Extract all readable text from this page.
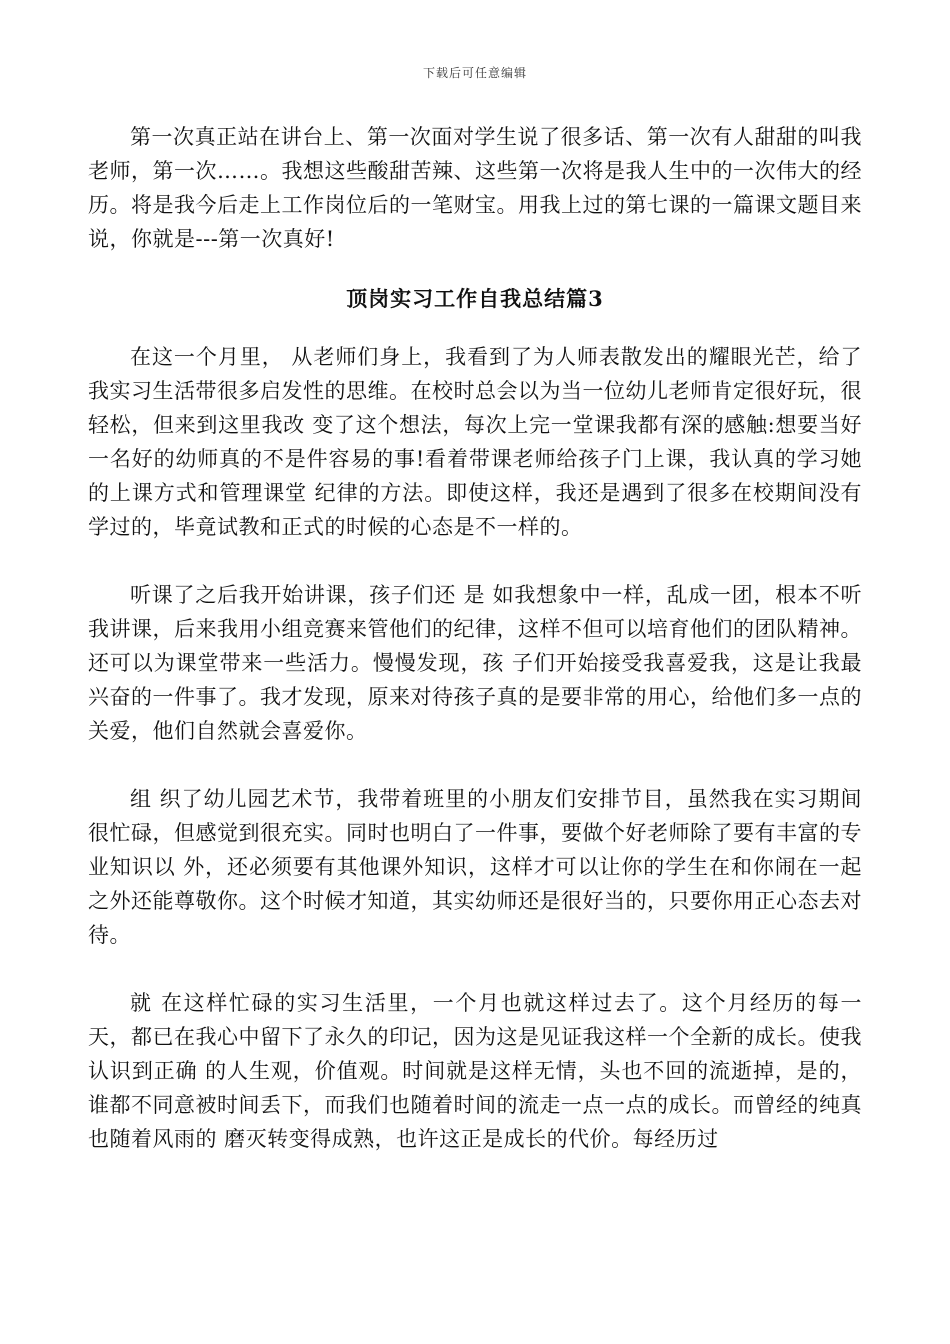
下载后可任意编辑

第一次真正站在讲台上、第一次面对学生说了很多话、第一次有人甜甜的叫我老师，第一次……。我想这些酸甜苦辣、这些第一次将是我人生中的一次伟大的经历。将是我今后走上工作岗位后的一笔财宝。用我上过的第七课的一篇课文题目来说，你就是---第一次真好!

顶岗实习工作自我总结篇3

在这一个月里， 从老师们身上，我看到了为人师表散发出的耀眼光芒，给了我实习生活带很多启发性的思维。在校时总会以为当一位幼儿老师肯定很好玩，很轻松，但来到这里我改 变了这个想法，每次上完一堂课我都有深的感触:想要当好一名好的幼师真的不是件容易的事!看着带课老师给孩子门上课，我认真的学习她的上课方式和管理课堂 纪律的方法。即使这样，我还是遇到了很多在校期间没有学过的，毕竟试教和正式的时候的心态是不一样的。

听课了之后我开始讲课，孩子们还 是 如我想象中一样，乱成一团，根本不听我讲课，后来我用小组竞赛来管他们的纪律，这样不但可以培育他们的团队精神。还可以为课堂带来一些活力。慢慢发现，孩 子们开始接受我喜爱我，这是让我最兴奋的一件事了。我才发现，原来对待孩子真的是要非常的用心，给他们多一点的关爱，他们自然就会喜爱你。

组 织了幼儿园艺术节，我带着班里的小朋友们安排节目，虽然我在实习期间很忙碌，但感觉到很充实。同时也明白了一件事，要做个好老师除了要有丰富的专业知识以 外，还必须要有其他课外知识，这样才可以让你的学生在和你闹在一起之外还能尊敬你。这个时候才知道，其实幼师还是很好当的，只要你用正心态去对待。

就 在这样忙碌的实习生活里，一个月也就这样过去了。这个月经历的每一天，都已在我心中留下了永久的印记，因为这是见证我这样一个全新的成长。使我认识到正确 的人生观，价值观。时间就是这样无情，头也不回的流逝掉，是的，谁都不同意被时间丢下，而我们也随着时间的流走一点一点的成长。而曾经的纯真也随着风雨的 磨灭转变得成熟，也许这正是成长的代价。每经历过
